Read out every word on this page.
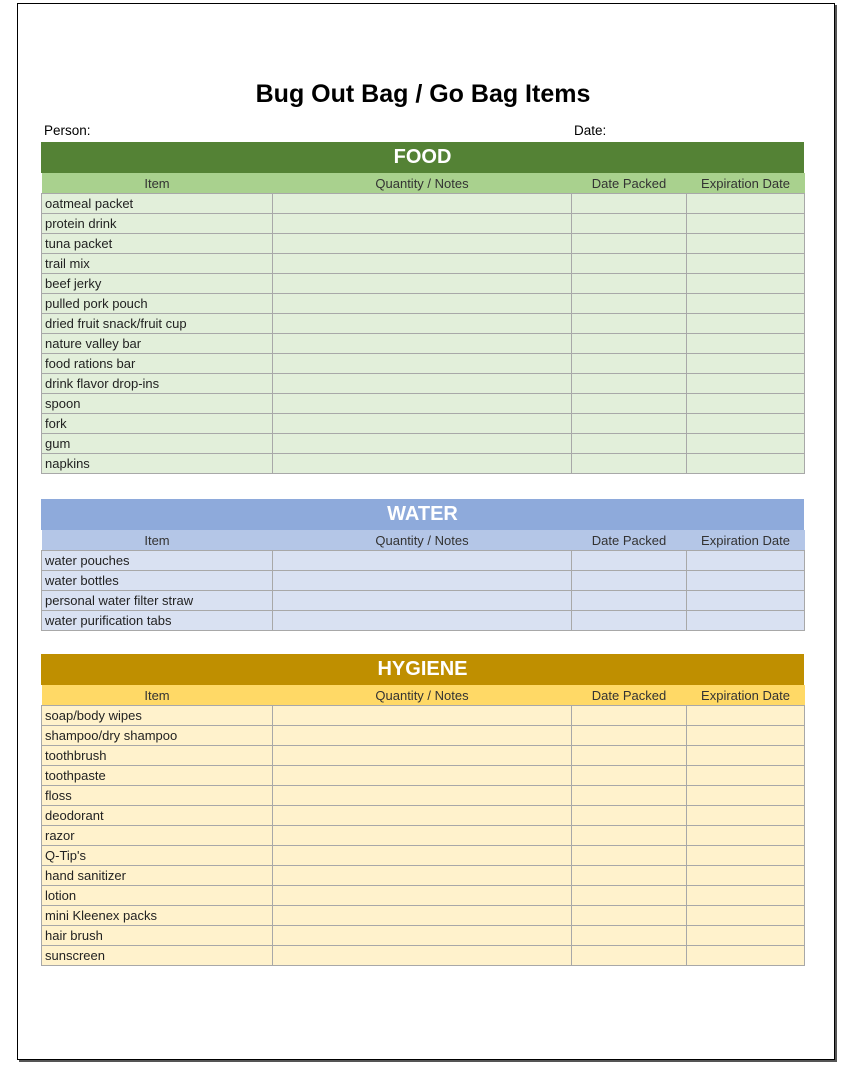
Bug Out Bag / Go Bag Items
Person:	Date:
FOOD
Item	Quantity / Notes	Date Packed	Expiration Date
oatmeal packet			
protein drink			
tuna packet			
trail mix			
beef jerky			
pulled pork pouch			
dried fruit snack/fruit cup			
nature valley bar			
food rations bar			
drink flavor drop-ins			
spoon			
fork			
gum			
napkins			
WATER
Item	Quantity / Notes	Date Packed	Expiration Date
water pouches			
water bottles			
personal water filter straw			
water purification tabs			
HYGIENE
Item	Quantity / Notes	Date Packed	Expiration Date
soap/body wipes			
shampoo/dry shampoo			
toothbrush			
toothpaste			
floss			
deodorant			
razor			
Q-Tip's			
hand sanitizer			
lotion			
mini Kleenex packs			
hair brush			
sunscreen			
